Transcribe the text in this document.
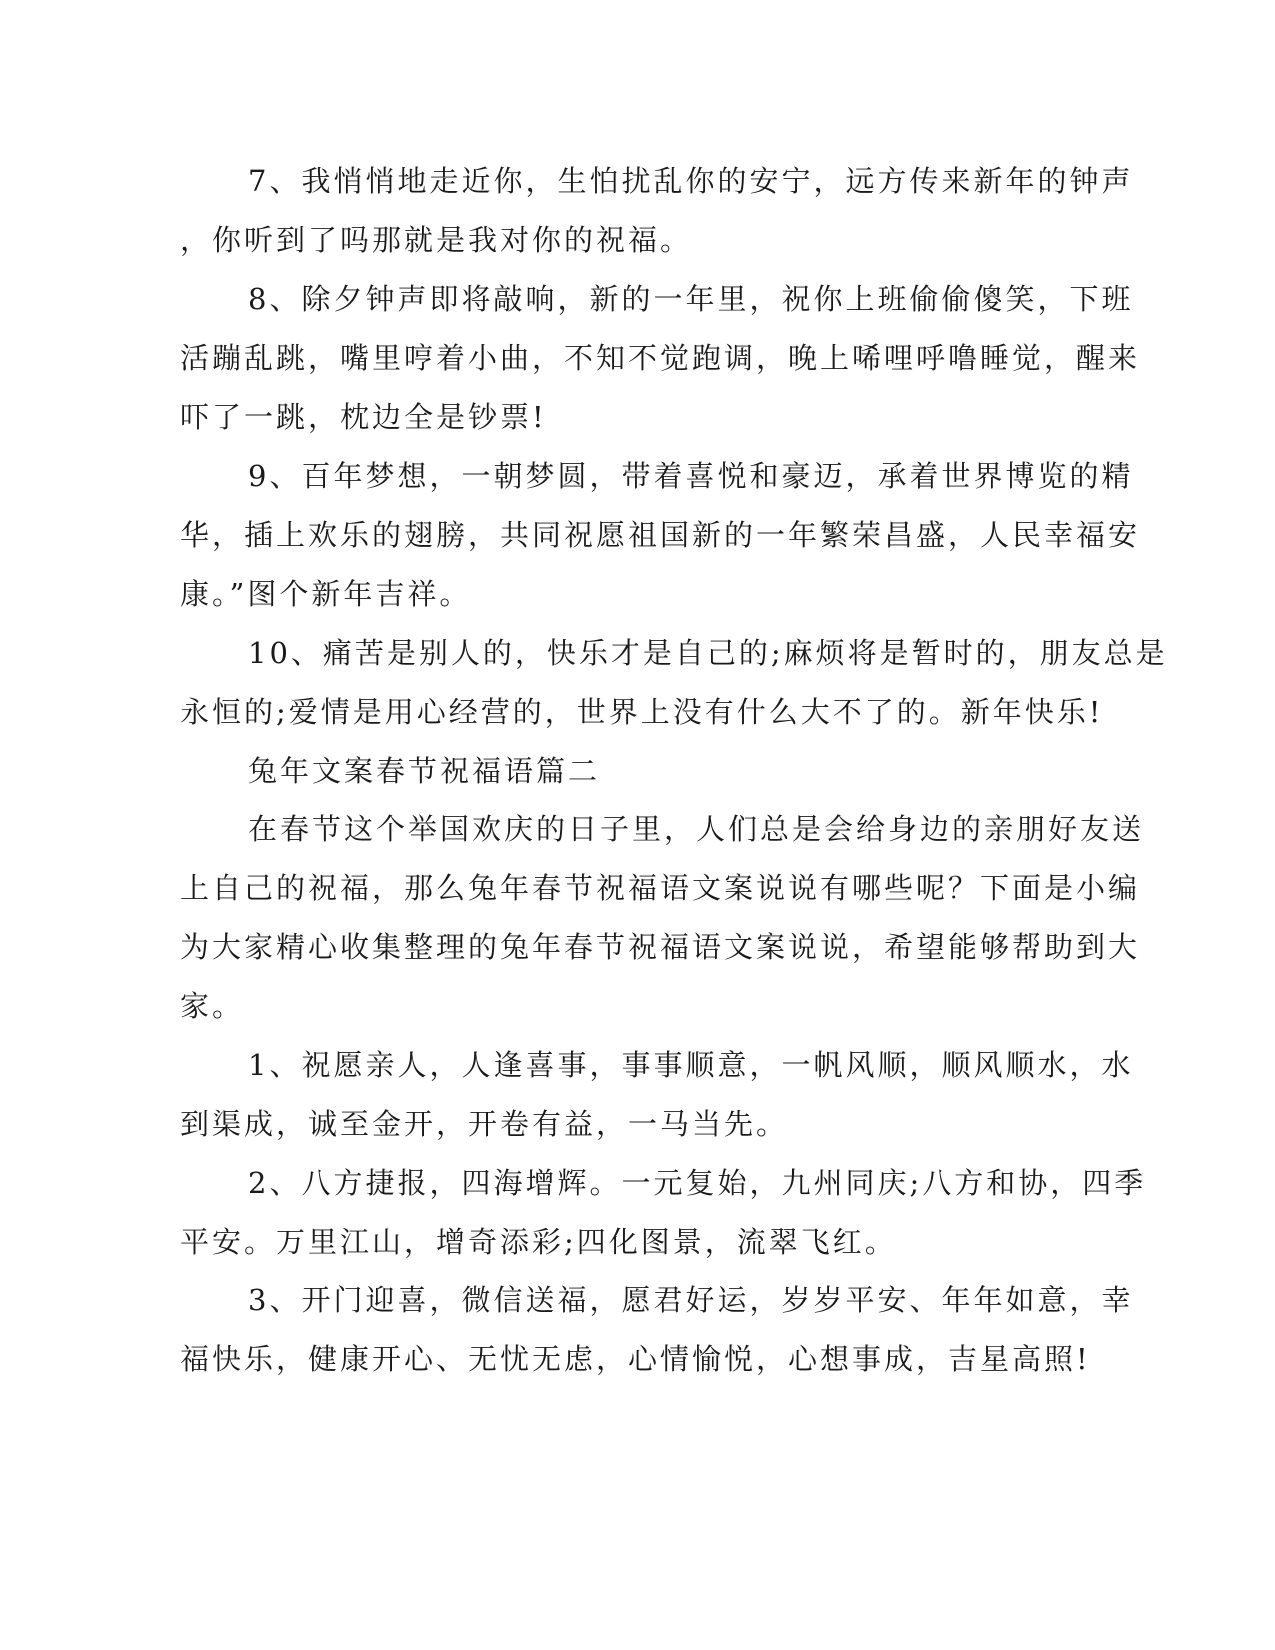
7、我悄悄地走近你，生怕扰乱你的安宁，远方传来新年的钟声
，你听到了吗那就是我对你的祝福。
8、除夕钟声即将敲响，新的一年里，祝你上班偷偷傻笑，下班
活蹦乱跳，嘴里哼着小曲，不知不觉跑调，晚上唏哩呼噜睡觉，醒来
吓了一跳，枕边全是钞票!
9、百年梦想，一朝梦圆，带着喜悦和豪迈，承着世界博览的精
华，插上欢乐的翅膀，共同祝愿祖国新的一年繁荣昌盛，人民幸福安
康。”图个新年吉祥。
10、痛苦是别人的，快乐才是自己的;麻烦将是暂时的，朋友总是
永恒的;爱情是用心经营的，世界上没有什么大不了的。新年快乐!
兔年文案春节祝福语篇二
在春节这个举国欢庆的日子里，人们总是会给身边的亲朋好友送
上自己的祝福，那么兔年春节祝福语文案说说有哪些呢？下面是小编
为大家精心收集整理的兔年春节祝福语文案说说，希望能够帮助到大
家。
1、祝愿亲人，人逢喜事，事事顺意，一帆风顺，顺风顺水，水
到渠成，诚至金开，开卷有益，一马当先。
2、八方捷报，四海增辉。一元复始，九州同庆;八方和协，四季
平安。万里江山，增奇添彩;四化图景，流翠飞红。
3、开门迎喜，微信送福，愿君好运，岁岁平安、年年如意，幸
福快乐，健康开心、无忧无虑，心情愉悦，心想事成，吉星高照!
